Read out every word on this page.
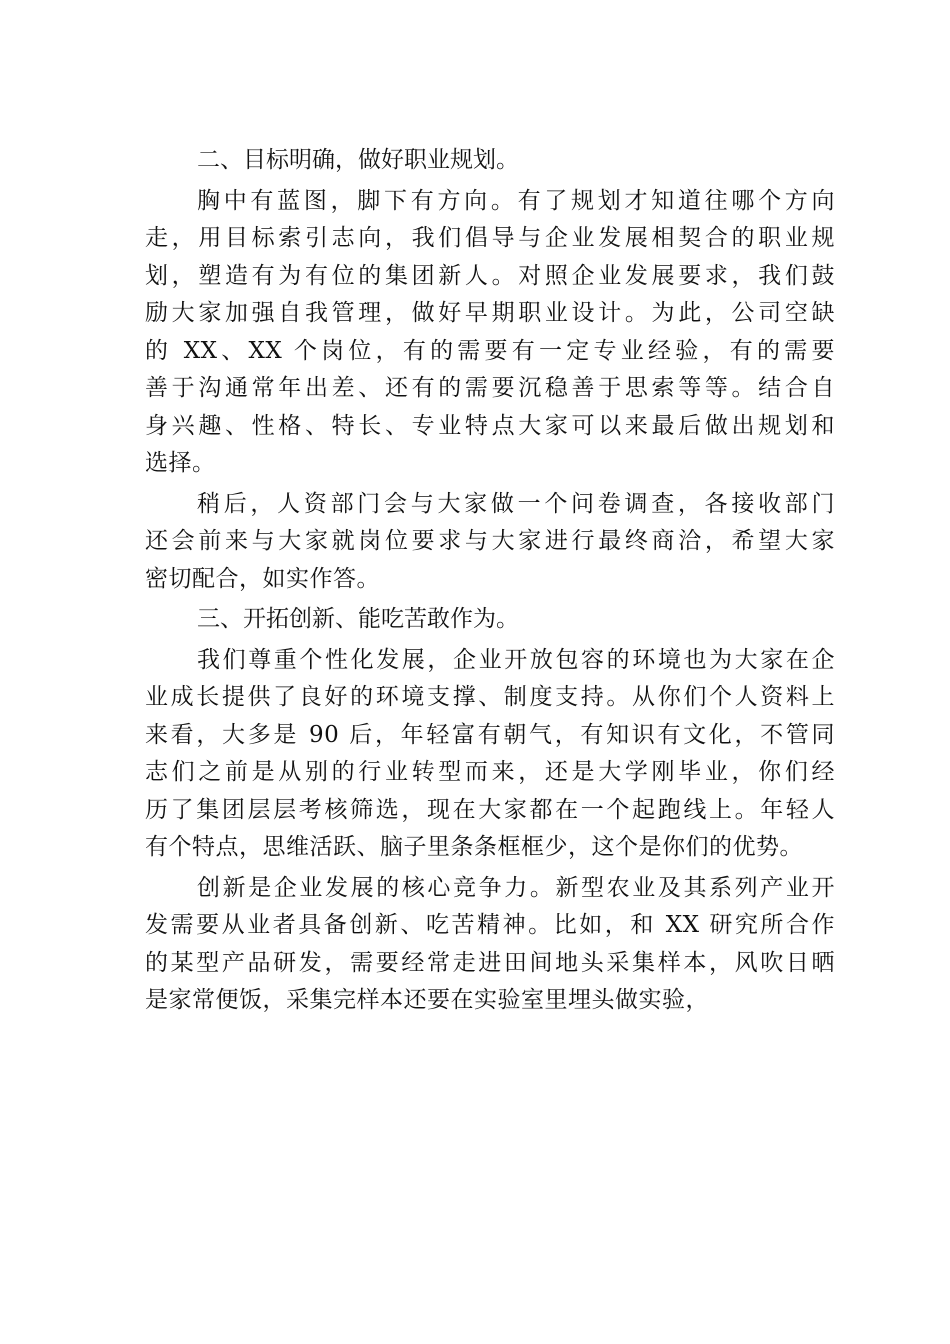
二、目标明确，做好职业规划。
胸中有蓝图，脚下有方向。有了规划才知道往哪个方向
走，用目标索引志向，我们倡导与企业发展相契合的职业规
划，塑造有为有位的集团新人。对照企业发展要求，我们鼓
励大家加强自我管理，做好早期职业设计。为此，公司空缺
的 XX、XX 个岗位，有的需要有一定专业经验，有的需要
善于沟通常年出差、还有的需要沉稳善于思索等等。结合自
身兴趣、性格、特长、专业特点大家可以来最后做出规划和
选择。
稍后，人资部门会与大家做一个问卷调查，各接收部门
还会前来与大家就岗位要求与大家进行最终商洽，希望大家
密切配合，如实作答。
三、开拓创新、能吃苦敢作为。
我们尊重个性化发展，企业开放包容的环境也为大家在企
业成长提供了良好的环境支撑、制度支持。从你们个人资料上
来看，大多是 90 后，年轻富有朝气，有知识有文化，不管同
志们之前是从别的行业转型而来，还是大学刚毕业，你们经
历了集团层层考核筛选，现在大家都在一个起跑线上。年轻人
有个特点，思维活跃、脑子里条条框框少，这个是你们的优势。
创新是企业发展的核心竞争力。新型农业及其系列产业开
发需要从业者具备创新、吃苦精神。比如，和 XX 研究所合作
的某型产品研发，需要经常走进田间地头采集样本，风吹日晒
是家常便饭，采集完样本还要在实验室里埋头做实验，
